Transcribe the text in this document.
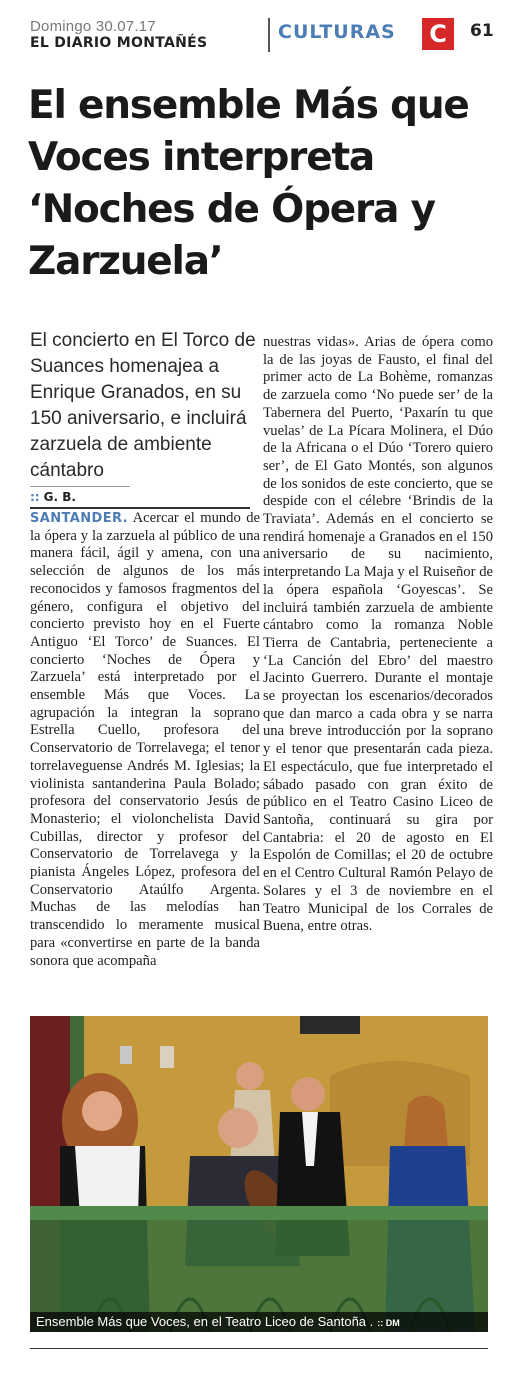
Domingo 30.07.17
EL DIARIO MONTAÑÉS	CULTURAS C	61
El ensemble Más que Voces interpreta ‘Noches de Ópera y Zarzuela’

El concierto en El Torco de Suances homenajea a Enrique Granados, en su 150 aniversario, e incluirá zarzuela de ambiente cántabro

:: G. B.

SANTANDER. Acercar el mundo de la ópera y la zarzuela al público de una manera fácil, ágil y amena, con una selección de algunos de los más reconocidos y famosos fragmentos del género, configura el objetivo del concierto previsto hoy en el Fuerte Antiguo ‘El Torco’ de Suances. El concierto ‘Noches de Ópera y Zarzuela’ está interpretado por el ensemble Más que Voces. La agrupación la integran la soprano Estrella Cuello, profesora del Conservatorio de Torrelavega; el tenor torrelaveguense Andrés M. Iglesias; la violinista santanderina Paula Bolado; profesora del conservatorio Jesús de Monasterio; el violonchelista David Cubillas, director y profesor del Conservatorio de Torrelavega y la pianista Ángeles López, profesora del Conservatorio Ataúlfo Argenta. Muchas de las melodías han transcendido lo meramente musical para «convertirse en parte de la banda sonora que acompaña

nuestras vidas». Arias de ópera como la de las joyas de Fausto, el final del primer acto de La Bohème, romanzas de zarzuela como ‘No puede ser’ de la Tabernera del Puerto, ‘Paxarín tu que vuelas’ de La Pícara Molinera, el Dúo de la Africana o el Dúo ‘Torero quiero ser’, de El Gato Montés, son algunos de los sonidos de este concierto, que se despide con el célebre ‘Brindis de la Traviata’. Además en el concierto se rendirá homenaje a Granados en el 150 aniversario de su nacimiento, interpretando La Maja y el Ruiseñor de la ópera española ‘Goyescas’. Se incluirá también zarzuela de ambiente cántabro como la romanza Noble Tierra de Cantabria, perteneciente a ‘La Canción del Ebro’ del maestro Jacinto Guerrero. Durante el montaje se proyectan los escenarios/decorados que dan marco a cada obra y se narra una breve introducción por la soprano y el tenor que presentarán cada pieza. El espectáculo, que fue interpretado el sábado pasado con gran éxito de público en el Teatro Casino Liceo de Santoña, continuará su gira por Cantabria: el 20 de agosto en El Espolón de Comillas; el 20 de octubre en el Centro Cultural Ramón Pelayo de Solares y el 3 de noviembre en el Teatro Municipal de los Corrales de Buena, entre otras.

Ensemble Más que Voces, en el Teatro Liceo de Santoña . :: DM
